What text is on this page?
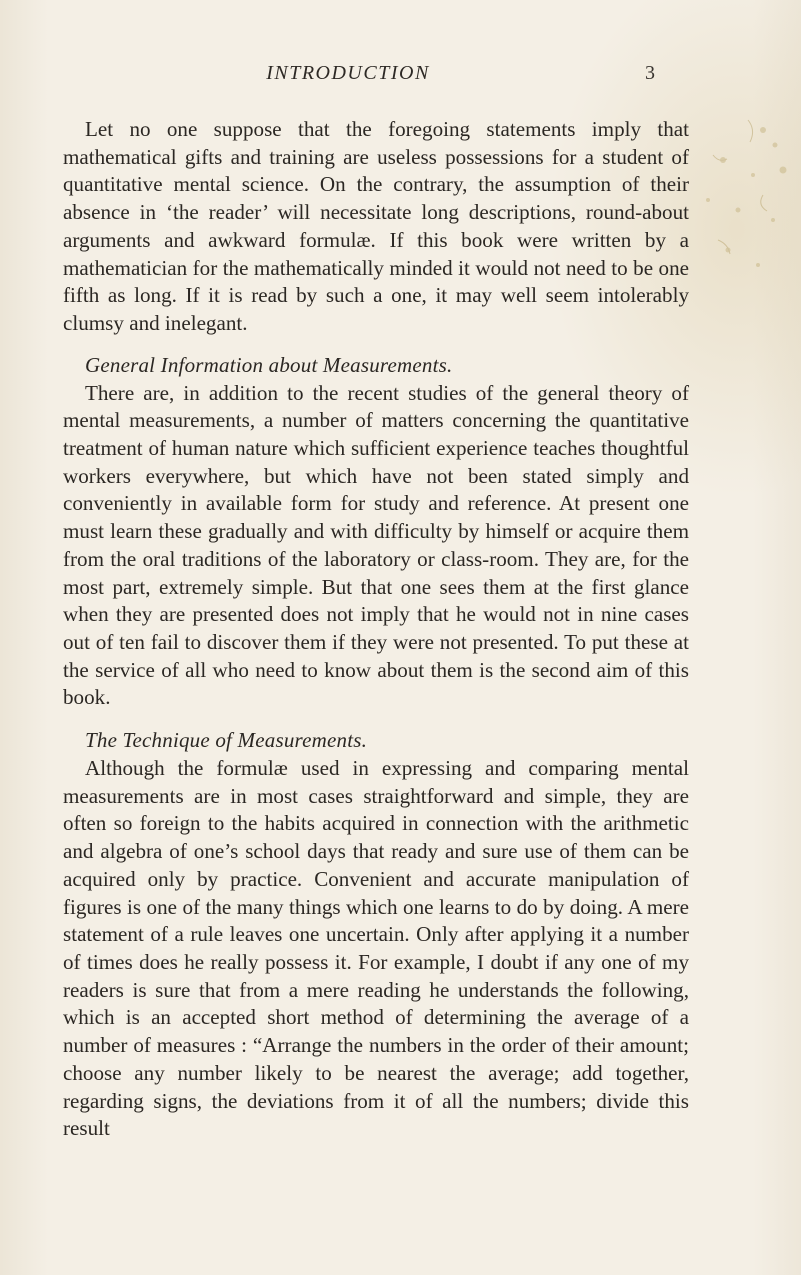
INTRODUCTION	3

Let no one suppose that the foregoing statements imply that mathematical gifts and training are useless possessions for a student of quantitative mental science. On the contrary, the assumption of their absence in ‘the reader’ will necessitate long descriptions, round-about arguments and awkward formulæ. If this book were written by a mathematician for the mathematically minded it would not need to be one fifth as long. If it is read by such a one, it may well seem intolerably clumsy and inelegant.

General Information about Measurements.

There are, in addition to the recent studies of the general theory of mental measurements, a number of matters concerning the quantitative treatment of human nature which sufficient experience teaches thoughtful workers everywhere, but which have not been stated simply and conveniently in available form for study and reference. At present one must learn these gradually and with difficulty by himself or acquire them from the oral traditions of the laboratory or class-room. They are, for the most part, extremely simple. But that one sees them at the first glance when they are presented does not imply that he would not in nine cases out of ten fail to discover them if they were not presented. To put these at the service of all who need to know about them is the second aim of this book.

The Technique of Measurements.

Although the formulæ used in expressing and comparing mental measurements are in most cases straightforward and simple, they are often so foreign to the habits acquired in connection with the arithmetic and algebra of one’s school days that ready and sure use of them can be acquired only by practice. Convenient and accurate manipulation of figures is one of the many things which one learns to do by doing. A mere statement of a rule leaves one uncertain. Only after applying it a number of times does he really possess it. For example, I doubt if any one of my readers is sure that from a mere reading he understands the following, which is an accepted short method of determining the average of a number of measures : “Arrange the numbers in the order of their amount; choose any number likely to be nearest the average; add together, regarding signs, the deviations from it of all the numbers; divide this result
